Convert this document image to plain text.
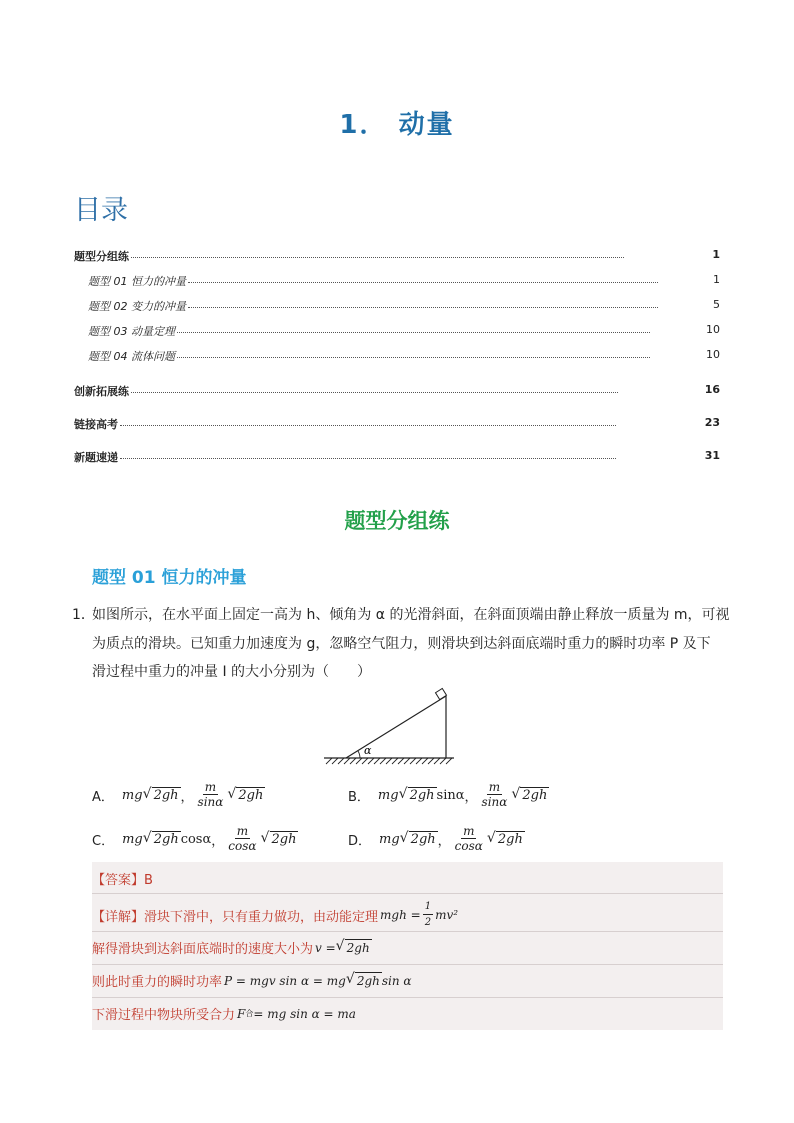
1． 动量
目录
题型分组练	1
题型 01 恒力的冲量	1
题型 02 变力的冲量	5
题型 03 动量定理	10
题型 04 流体问题	10
创新拓展练	16
链接高考	23
新题速递	31
题型分组练
题型 01 恒力的冲量
1．
如图所示，在水平面上固定一高为 h、倾角为 α 的光滑斜面，在斜面顶端由静止释放一质量为 m，可视
为质点的滑块。已知重力加速度为 g，忽略空气阻力，则滑块到达斜面底端时重力的瞬时功率 P 及下
滑过程中重力的冲量 I 的大小分别为（　　）
α
A． mg √ 2gh ， $\frac{m}{\sin\alpha}$ √ 2gh	B． mg √ 2gh sinα ， $\frac{m}{\sin\alpha}$ √ 2gh
C． mg √ 2gh cosα ， $\frac{m}{\cos\alpha}$ √ 2gh	D． mg √ 2gh ， $\frac{m}{\cos\alpha}$ √ 2gh
【答案】B
【详解】 滑块下滑中，只有重力做功，由动能定理 mgh = $\frac{1}{2} mv^2$
解得滑块到达斜面底端时的速度大小为 v = √ 2gh
则此时重力的瞬时功率 P = mgv sin α = mg √ 2gh sin α
下滑过程中物块所受合力 F 合 = mg sin α = ma
